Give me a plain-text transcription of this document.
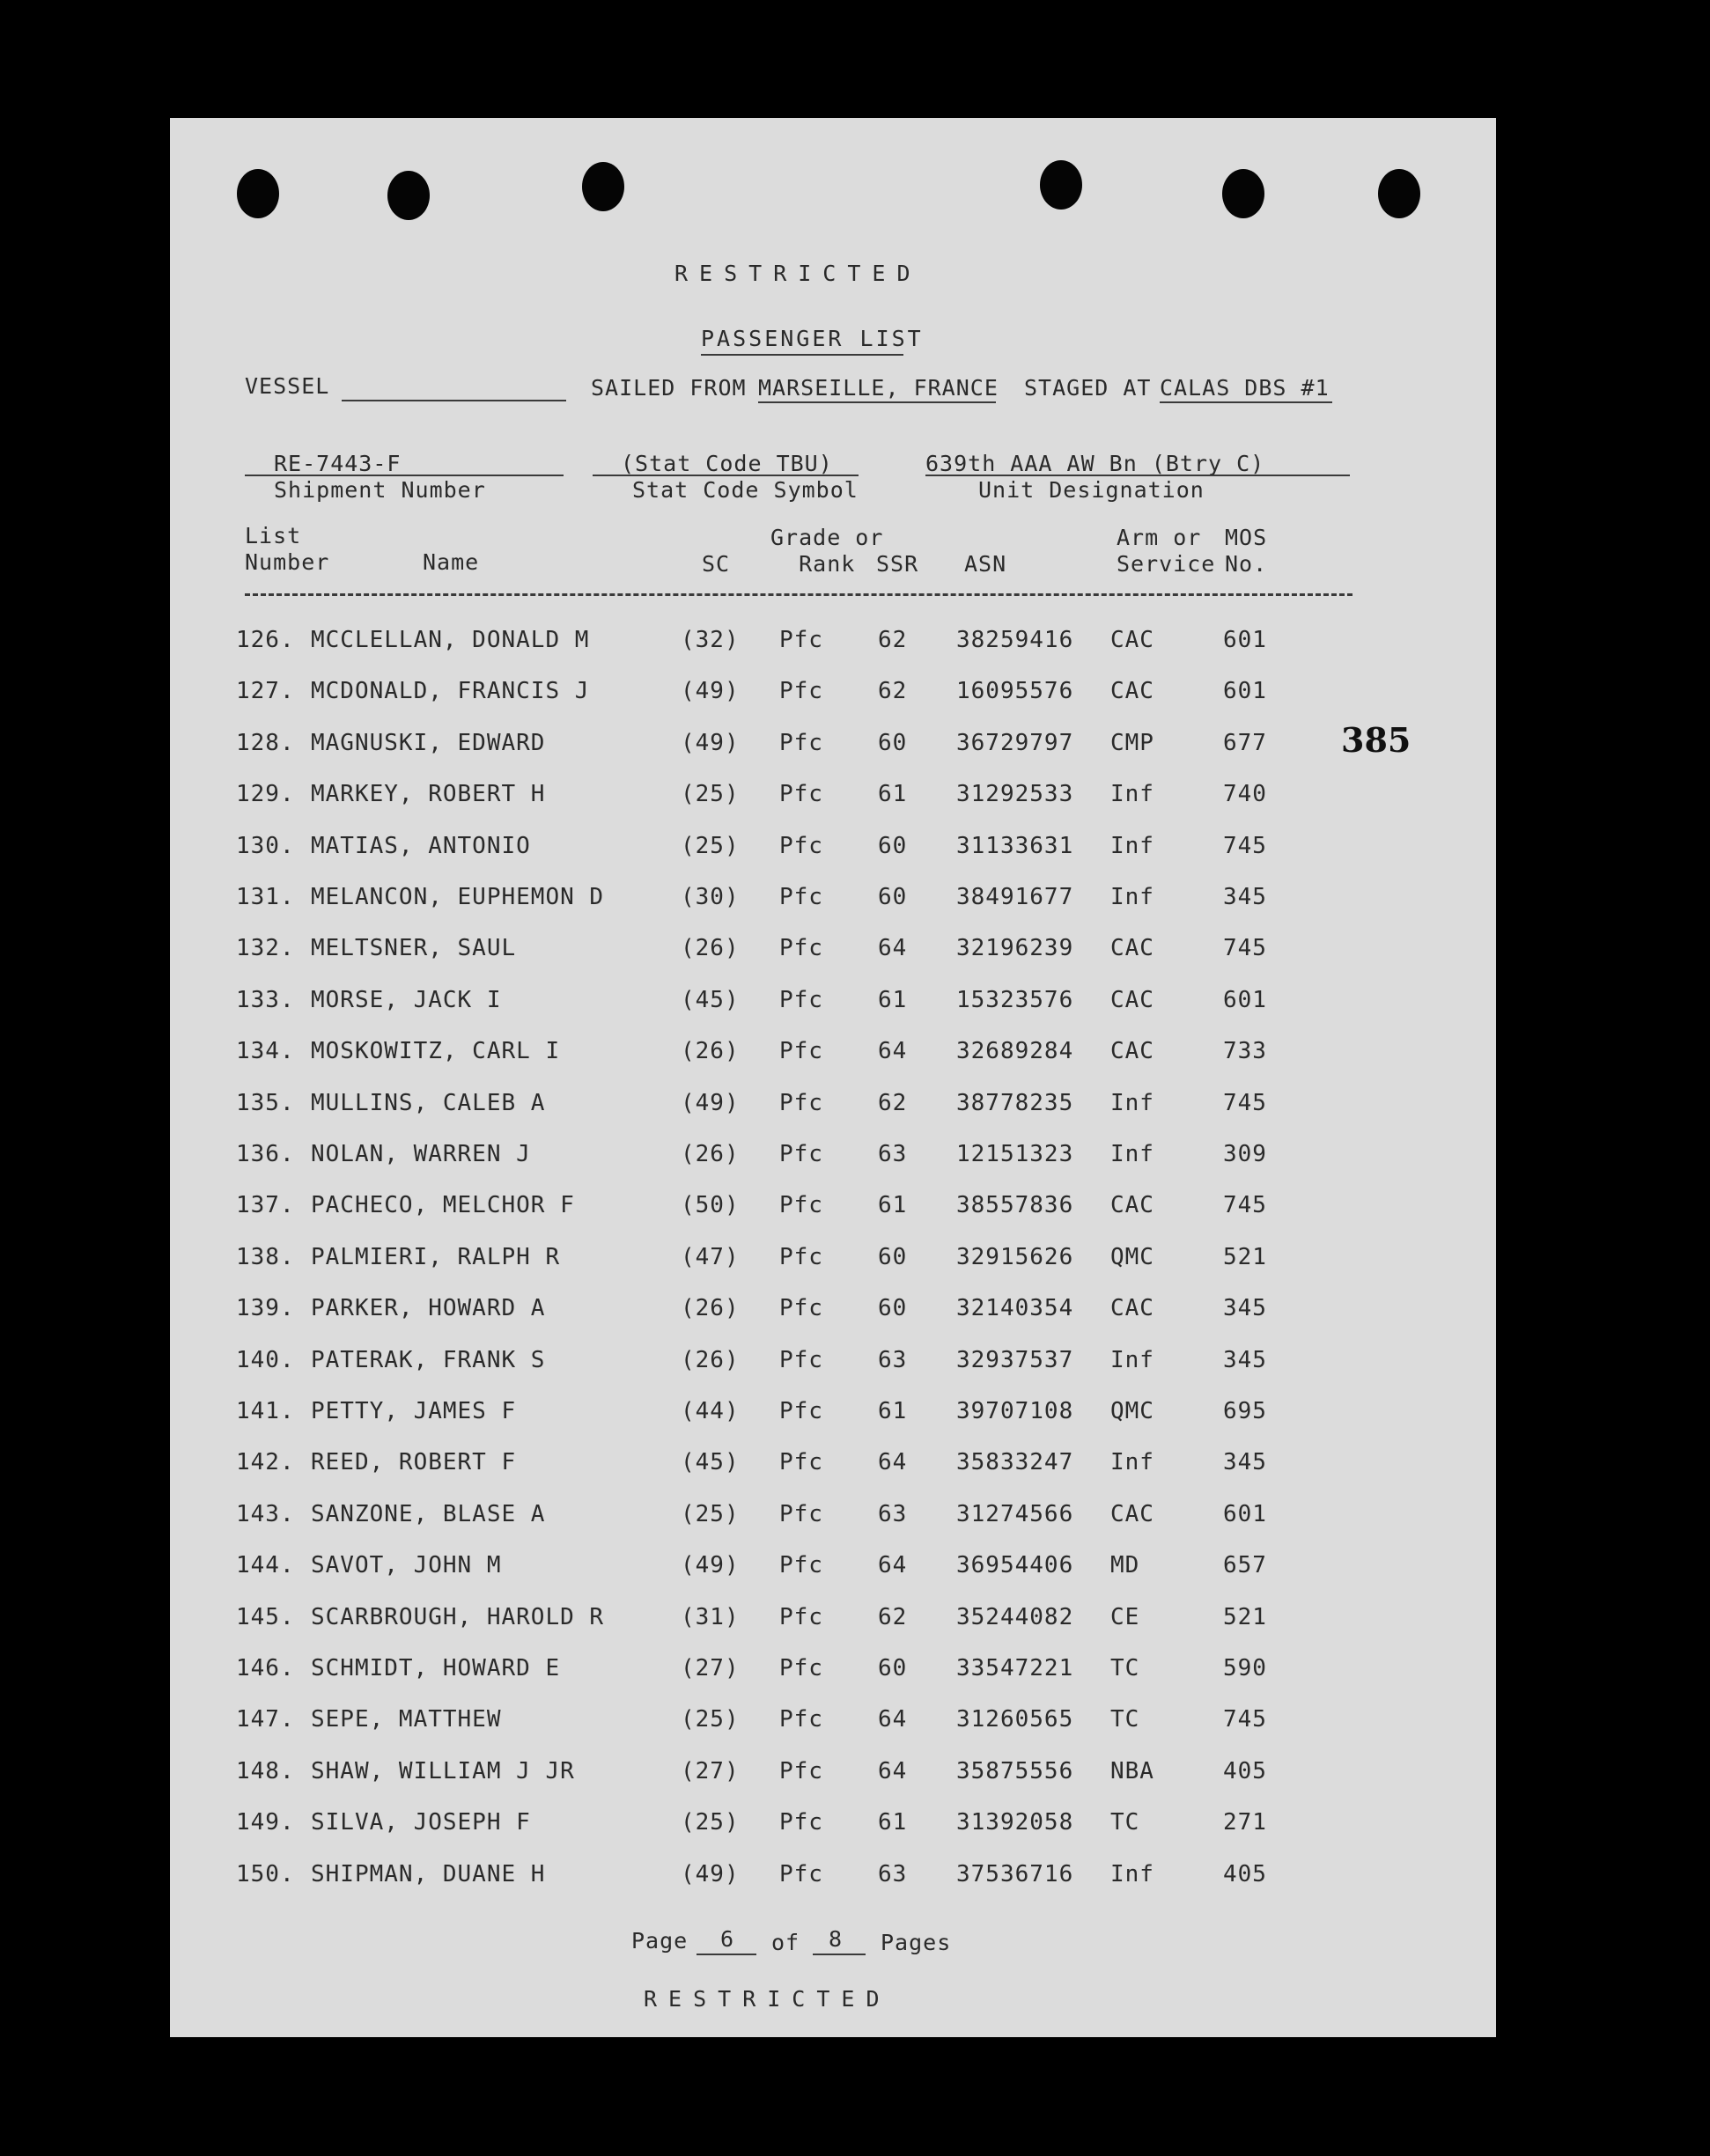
RESTRICTED
PASSENGER LIST
VESSEL	SAILED FROM MARSEILLE, FRANCE STAGED AT CALAS DBS #1
RE-7443-F
Shipment Number
(Stat Code TBU)
Stat Code Symbol
639th AAA AW Bn (Btry C)
Unit Designation
List
Number	Name	SC
Grade or
Rank SSR ASN
Arm or
Service
MOS
No.
385
126. MCCLELLAN, DONALD M	(32) Pfc 62 38259416 CAC	601
127. MCDONALD, FRANCIS J	(49) Pfc 62 16095576 CAC	601
128. MAGNUSKI, EDWARD	(49) Pfc 60 36729797 CMP	677
129. MARKEY, ROBERT H	(25) Pfc 61 31292533 Inf	740
130. MATIAS, ANTONIO	(25) Pfc 60 31133631 Inf	745
131. MELANCON, EUPHEMON D	(30) Pfc 60 38491677 Inf	345
132. MELTSNER, SAUL	(26) Pfc 64 32196239 CAC	745
133. MORSE, JACK I	(45) Pfc 61 15323576 CAC	601
134. MOSKOWITZ, CARL I	(26) Pfc 64 32689284 CAC	733
135. MULLINS, CALEB A	(49) Pfc 62 38778235 Inf	745
136. NOLAN, WARREN J	(26) Pfc 63 12151323 Inf	309
137. PACHECO, MELCHOR F	(50) Pfc 61 38557836 CAC	745
138. PALMIERI, RALPH R	(47) Pfc 60 32915626 QMC	521
139. PARKER, HOWARD A	(26) Pfc 60 32140354 CAC	345
140. PATERAK, FRANK S	(26) Pfc 63 32937537 Inf	345
141. PETTY, JAMES F	(44) Pfc 61 39707108 QMC	695
142. REED, ROBERT F	(45) Pfc 64 35833247 Inf	345
143. SANZONE, BLASE A	(25) Pfc 63 31274566 CAC	601
144. SAVOT, JOHN M	(49) Pfc 64 36954406 MD	657
145. SCARBROUGH, HAROLD R	(31) Pfc 62 35244082 CE	521
146. SCHMIDT, HOWARD E	(27) Pfc 60 33547221 TC	590
147. SEPE, MATTHEW	(25) Pfc 64 31260565 TC	745
148. SHAW, WILLIAM J JR	(27) Pfc 64 35875556 NBA	405
149. SILVA, JOSEPH F	(25) Pfc 61 31392058 TC	271
150. SHIPMAN, DUANE H	(49) Pfc 63 37536716 Inf	405
Page 6 of 8 Pages
RESTRICTED
